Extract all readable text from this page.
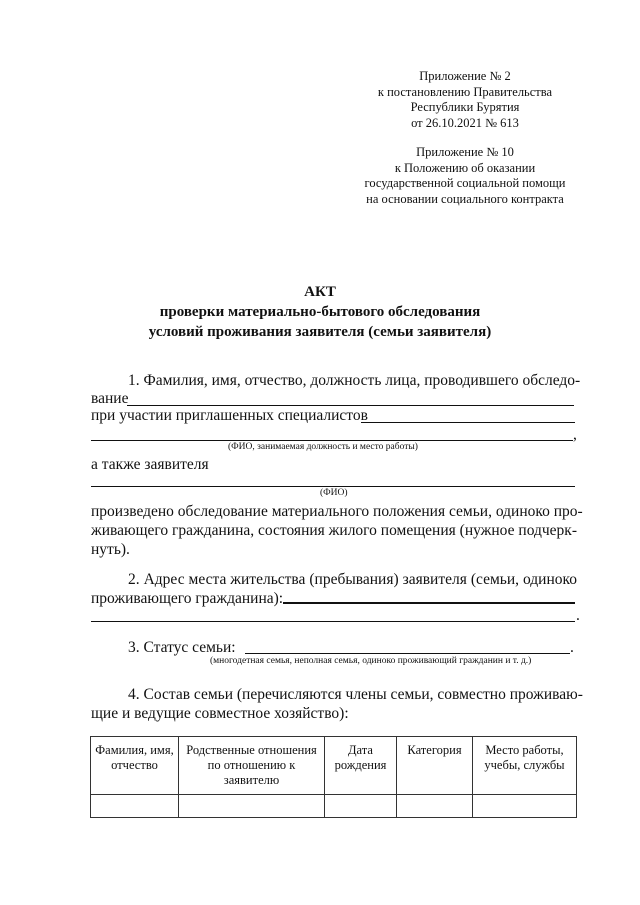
Приложение № 2
к постановлению Правительства
Республики Бурятия
от 26.10.2021 № 613
Приложение № 10
к Положению об оказании
государственной социальной помощи
на основании социального контракта
АКТ
проверки материально-бытового обследования
условий проживания заявителя (семьи заявителя)
1. Фамилия, имя, отчество, должность лица, проводившего обследо-
вание
при участии приглашенных специалистов
,
(ФИО, занимаемая должность и место работы)
а также заявителя
(ФИО)
произведено обследование материального положения семьи, одиноко про-
живающего гражданина, состояния жилого помещения (нужное подчерк-
нуть).
2. Адрес места жительства (пребывания) заявителя (семьи, одиноко
проживающего гражданина):
.
3. Статус семьи:	.
(многодетная семья, неполная семья, одиноко проживающий гражданин и т. д.)
4. Состав семьи (перечисляются члены семьи, совместно проживаю-
щие и ведущие совместное хозяйство):
Фамилия, имя, отчество	Родственные отношения по отношению к заявителю	Дата рождения	Категория	Место работы, учебы, службы
